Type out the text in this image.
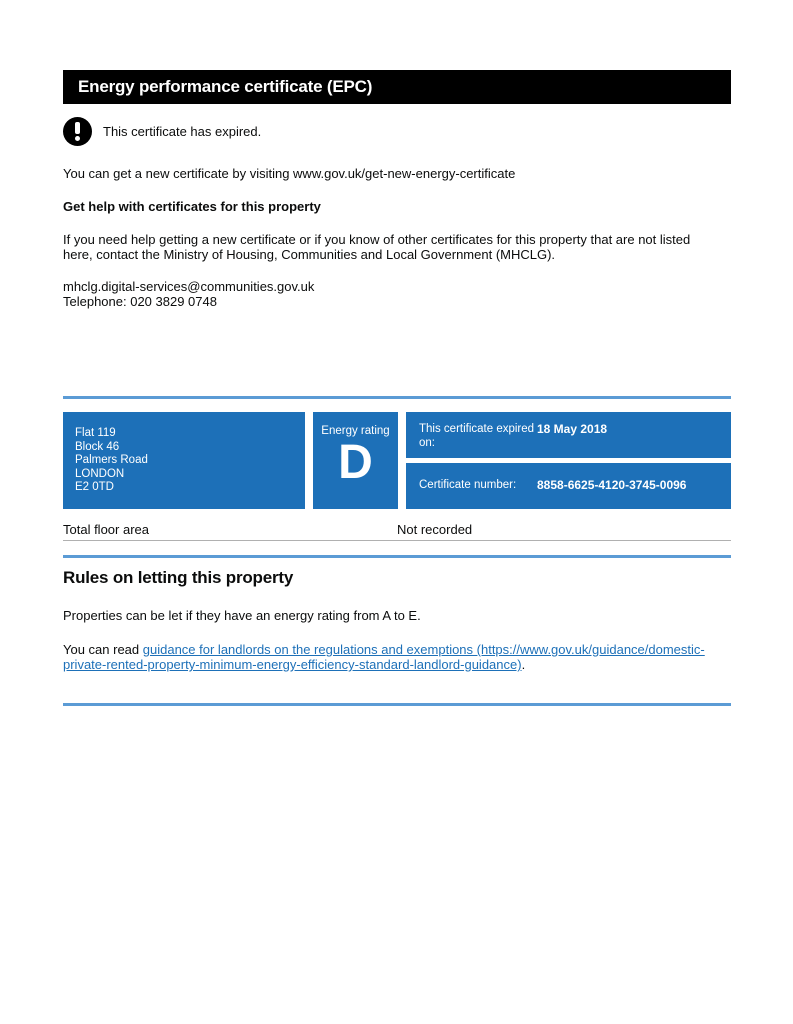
Energy performance certificate (EPC)
This certificate has expired.
You can get a new certificate by visiting www.gov.uk/get-new-energy-certificate
Get help with certificates for this property
If you need help getting a new certificate or if you know of other certificates for this property that are not listed here, contact the Ministry of Housing, Communities and Local Government (MHCLG).
mhclg.digital-services@communities.gov.uk
Telephone: 020 3829 0748
Flat 119
Block 46
Palmers Road
LONDON
E2 0TD
Energy rating
D
This certificate expired on:
18 May 2018
Certificate number:	8858-6625-4120-3745-0096
Total floor area	Not recorded
Rules on letting this property
Properties can be let if they have an energy rating from A to E.
You can read guidance for landlords on the regulations and exemptions (https://www.gov.uk/guidance/domestic-private-rented-property-minimum-energy-efficiency-standard-landlord-guidance).
